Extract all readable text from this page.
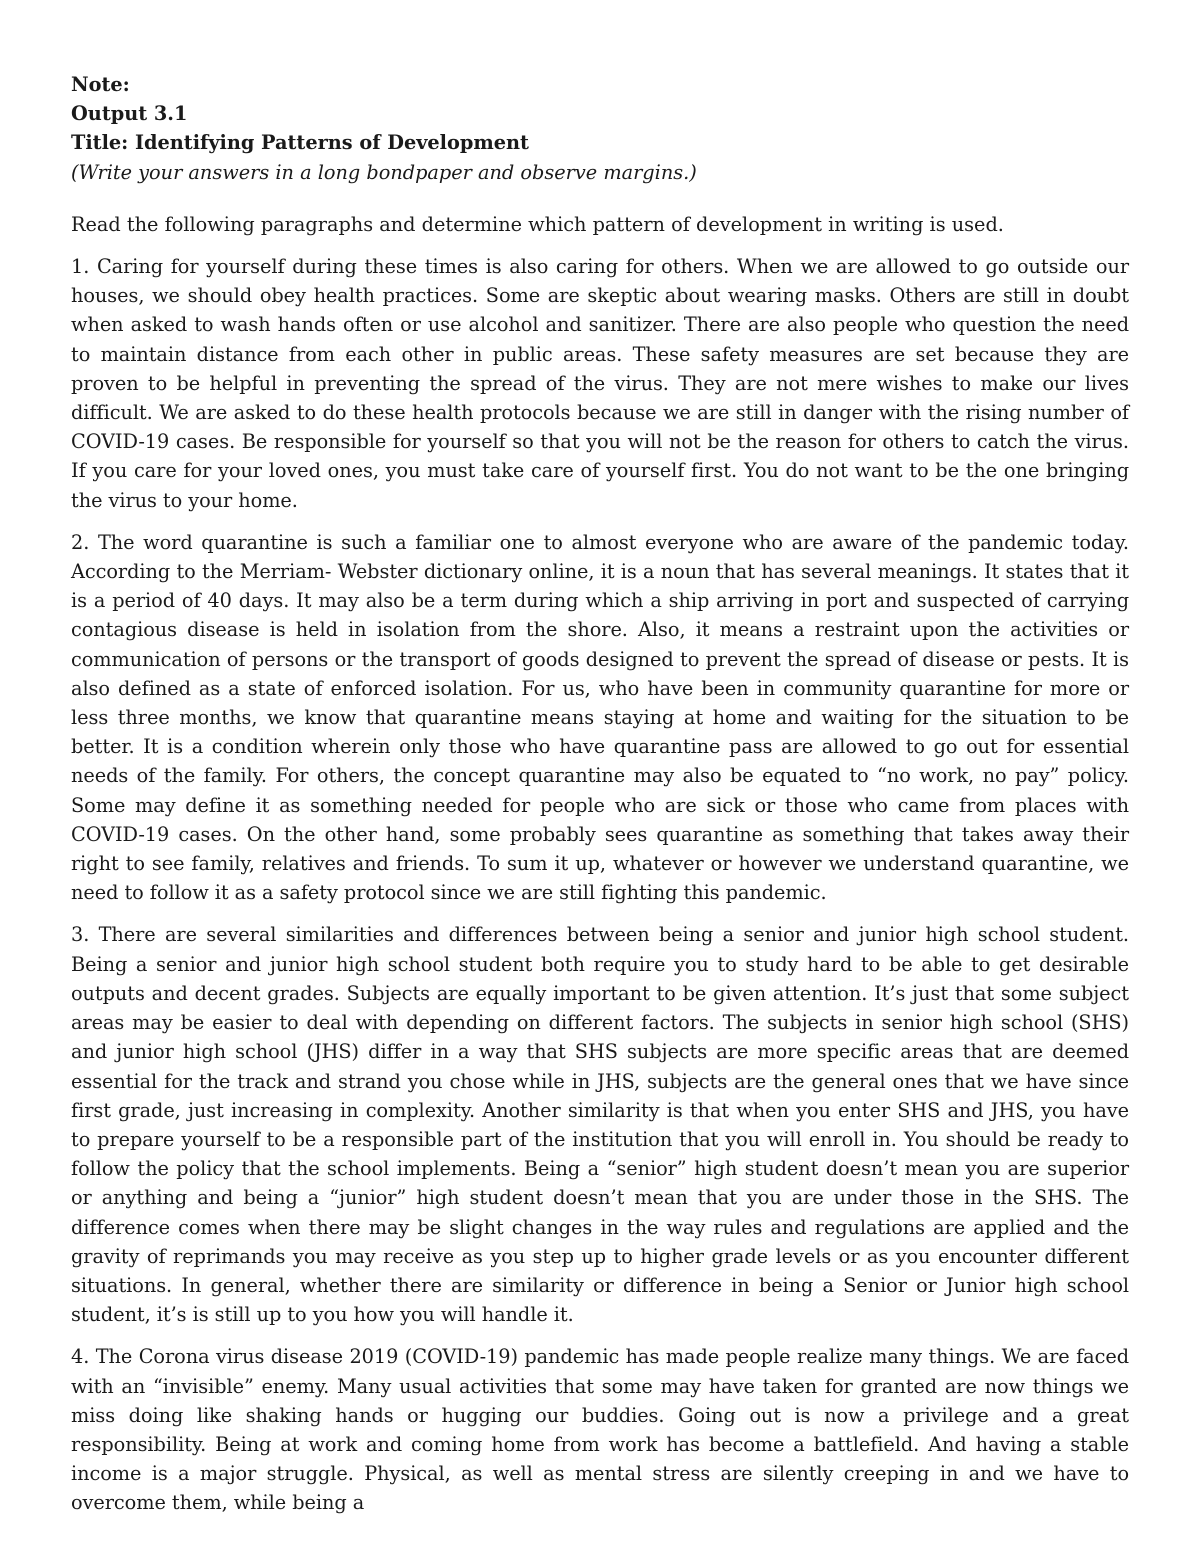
Note:
Output 3.1
Title: Identifying Patterns of Development
(Write your answers in a long bondpaper and observe margins.)

Read the following paragraphs and determine which pattern of development in writing is used.

1. Caring for yourself during these times is also caring for others. When we are allowed to go outside our houses, we should obey health practices. Some are skeptic about wearing masks. Others are still in doubt when asked to wash hands often or use alcohol and sanitizer. There are also people who question the need to maintain distance from each other in public areas. These safety measures are set because they are proven to be helpful in preventing the spread of the virus. They are not mere wishes to make our lives difficult. We are asked to do these health protocols because we are still in danger with the rising number of COVID-19 cases. Be responsible for yourself so that you will not be the reason for others to catch the virus. If you care for your loved ones, you must take care of yourself first. You do not want to be the one bringing the virus to your home.

2. The word quarantine is such a familiar one to almost everyone who are aware of the pandemic today. According to the Merriam- Webster dictionary online, it is a noun that has several meanings. It states that it is a period of 40 days. It may also be a term during which a ship arriving in port and suspected of carrying contagious disease is held in isolation from the shore. Also, it means a restraint upon the activities or communication of persons or the transport of goods designed to prevent the spread of disease or pests. It is also defined as a state of enforced isolation. For us, who have been in community quarantine for more or less three months, we know that quarantine means staying at home and waiting for the situation to be better. It is a condition wherein only those who have quarantine pass are allowed to go out for essential needs of the family. For others, the concept quarantine may also be equated to “no work, no pay” policy. Some may define it as something needed for people who are sick or those who came from places with COVID-19 cases. On the other hand, some probably sees quarantine as something that takes away their right to see family, relatives and friends. To sum it up, whatever or however we understand quarantine, we need to follow it as a safety protocol since we are still fighting this pandemic.

3. There are several similarities and differences between being a senior and junior high school student. Being a senior and junior high school student both require you to study hard to be able to get desirable outputs and decent grades. Subjects are equally important to be given attention. It’s just that some subject areas may be easier to deal with depending on different factors. The subjects in senior high school (SHS) and junior high school (JHS) differ in a way that SHS subjects are more specific areas that are deemed essential for the track and strand you chose while in JHS, subjects are the general ones that we have since first grade, just increasing in complexity. Another similarity is that when you enter SHS and JHS, you have to prepare yourself to be a responsible part of the institution that you will enroll in. You should be ready to follow the policy that the school implements. Being a “senior” high student doesn’t mean you are superior or anything and being a “junior” high student doesn’t mean that you are under those in the SHS. The difference comes when there may be slight changes in the way rules and regulations are applied and the gravity of reprimands you may receive as you step up to higher grade levels or as you encounter different situations. In general, whether there are similarity or difference in being a Senior or Junior high school student, it’s is still up to you how you will handle it.

4. The Corona virus disease 2019 (COVID-19) pandemic has made people realize many things. We are faced with an “invisible” enemy. Many usual activities that some may have taken for granted are now things we miss doing like shaking hands or hugging our buddies. Going out is now a privilege and a great responsibility. Being at work and coming home from work has become a battlefield. And having a stable income is a major struggle. Physical, as well as mental stress are silently creeping in and we have to overcome them, while being a
